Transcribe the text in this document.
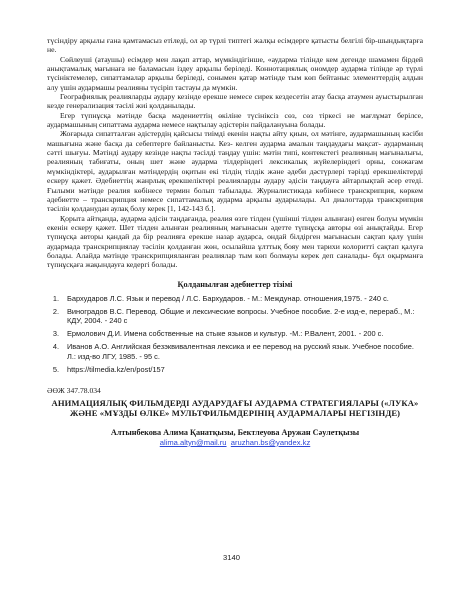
түсіндіру арқылы ғана қамтамасыз етіледі, ол әр түрлі типтегі жалқы есімдерге қатысты белгілі бір-шындықтарға не.

Сөйлеуші (атаушы) есімдер мен лақап аттар, мүмкіндігінше, «аударма тілінде кем дегенде шамамен бірдей анықтамалық мағынаға не баламасын іздеу арқылы беріледі. Коннотациялық ономдер аударма тілінде әр түрлі түсініктемелер, сипаттамалар арқылы беріледі, сонымен қатар мәтінде тым көп бейтаныс элементтердің алдын алу үшін аудармашы реалияны түсіріп тастауы да мүмкін.

Географиялық реалияларды аудару кезінде ерекше немесе сирек кездесетін атау басқа атаумен ауыстырылған кезде генерализация тәсілі жиі қолданылады.

Егер түпнұсқа мәтінде басқа мәдениеттің өкіліне түсініксіз сөз, сөз тіркесі не мағлұмат берілсе, аудармашының сипаттама аударма немесе нақтылау әдістерін пайдалануына болады.

Жоғарыда сипатталған әдістердің қайсысы тиімді екенін нақты айту қиын, ол мәтінге, аудармашының кәсіби машығына және басқа да себептерге байланысты. Кез- келген аударма амалын таңдаудағы мақсат- аударманың сәтті шығуы. Мәтінді аудару кезінде нақты тәсілді таңдау үшін: мәтін типі, контекстегі реалияның мағыналығы, реалияның табиғаты, оның шет және аударма тілдеріндегі лексикалық жүйелеріндегі орны, сонжағам мүмкіндіктері, аударылған мәтіндердің оқитын екі тілдің тілдік және әдеби дәстүрлері тәрізді ерекшеліктерді ескеру қажет. Әдебиеттің жанрлық ерекшеліктері реалияларды аудару әдісін таңдауға айтарлықтай әсер етеді. Ғылыми мәтінде реалия көбінесе термин болып табылады. Журналистикада көбінесе транскрипция, көркем әдебиетте – транскрипция немесе сипаттамалық аударма арқылы аударылады. Ал диалогтарда транскрипция тәсілін қолданудан аулақ болу керек [1, 142-143 б.].

Қорыта айтқанда, аударма әдісін таңдағанда, реалия өзге тілден (үшінші тілден алынған) енген болуы мүмкін екенін ескеру қажет. Шет тілден алынған реалияның мағынасын әдетте түпнұсқа авторы өзі анықтайды. Егер түпнұсқа авторы қандай да бір реалияға ерекше назар аударса, ондай білдірген мағынасын сақтап қалу үшін аудармада транскрипциялау тәсілін қолданған жөн, осылайша ұлттық бояу мен тарихи колоритті сақтап қалуға болады. Алайда мәтінде транскрипцияланған реалиялар тым көп болмауы керек деп саналады- бұл оқырманға түпнұсқаға жақындауға кедергі болады.

Қолданылған әдебиеттер тізімі
1.	Бархударов Л.С. Язык и перевод / Л.С. Бархударов. - М.: Междунар. отношения,1975. - 240 с.
2.	Виноградов В.С. Перевод. Общие и лексические вопросы. Учебное пособие. 2-е изд-е, перераб., М.: КДУ, 2004. - 240 с
3.	Ермолович Д.И. Имена собственные на стыке языков и культур. -М.: Р.Валент, 2001. - 200 с.
4.	Иванов А.О. Английская безэквивалентная лексика и ее перевод на русский язык. Учебное пособие. Л.: изд-во ЛГУ, 1985. - 95 с.
5.	https://tilmedia.kz/en/post/157
ӘӨЖ 347.78.034
АНИМАЦИЯЛЫҚ ФИЛЬМДЕРДІ АУДАРУДАҒЫ АУДАРМА СТРАТЕГИЯЛАРЫ («ЛУКА» ЖӘНЕ «МҰЗДЫ ӨЛКЕ» МУЛЬТФИЛЬМДЕРІНІҢ АУДАРМАЛАРЫ НЕГІЗІНДЕ)
Алтынбекова Алима Қанатқызы, Бектлеуова Аружан Сәулетқызы
alima.altyn@mail.ru aruzhan.bs@yandex.kz
3140
